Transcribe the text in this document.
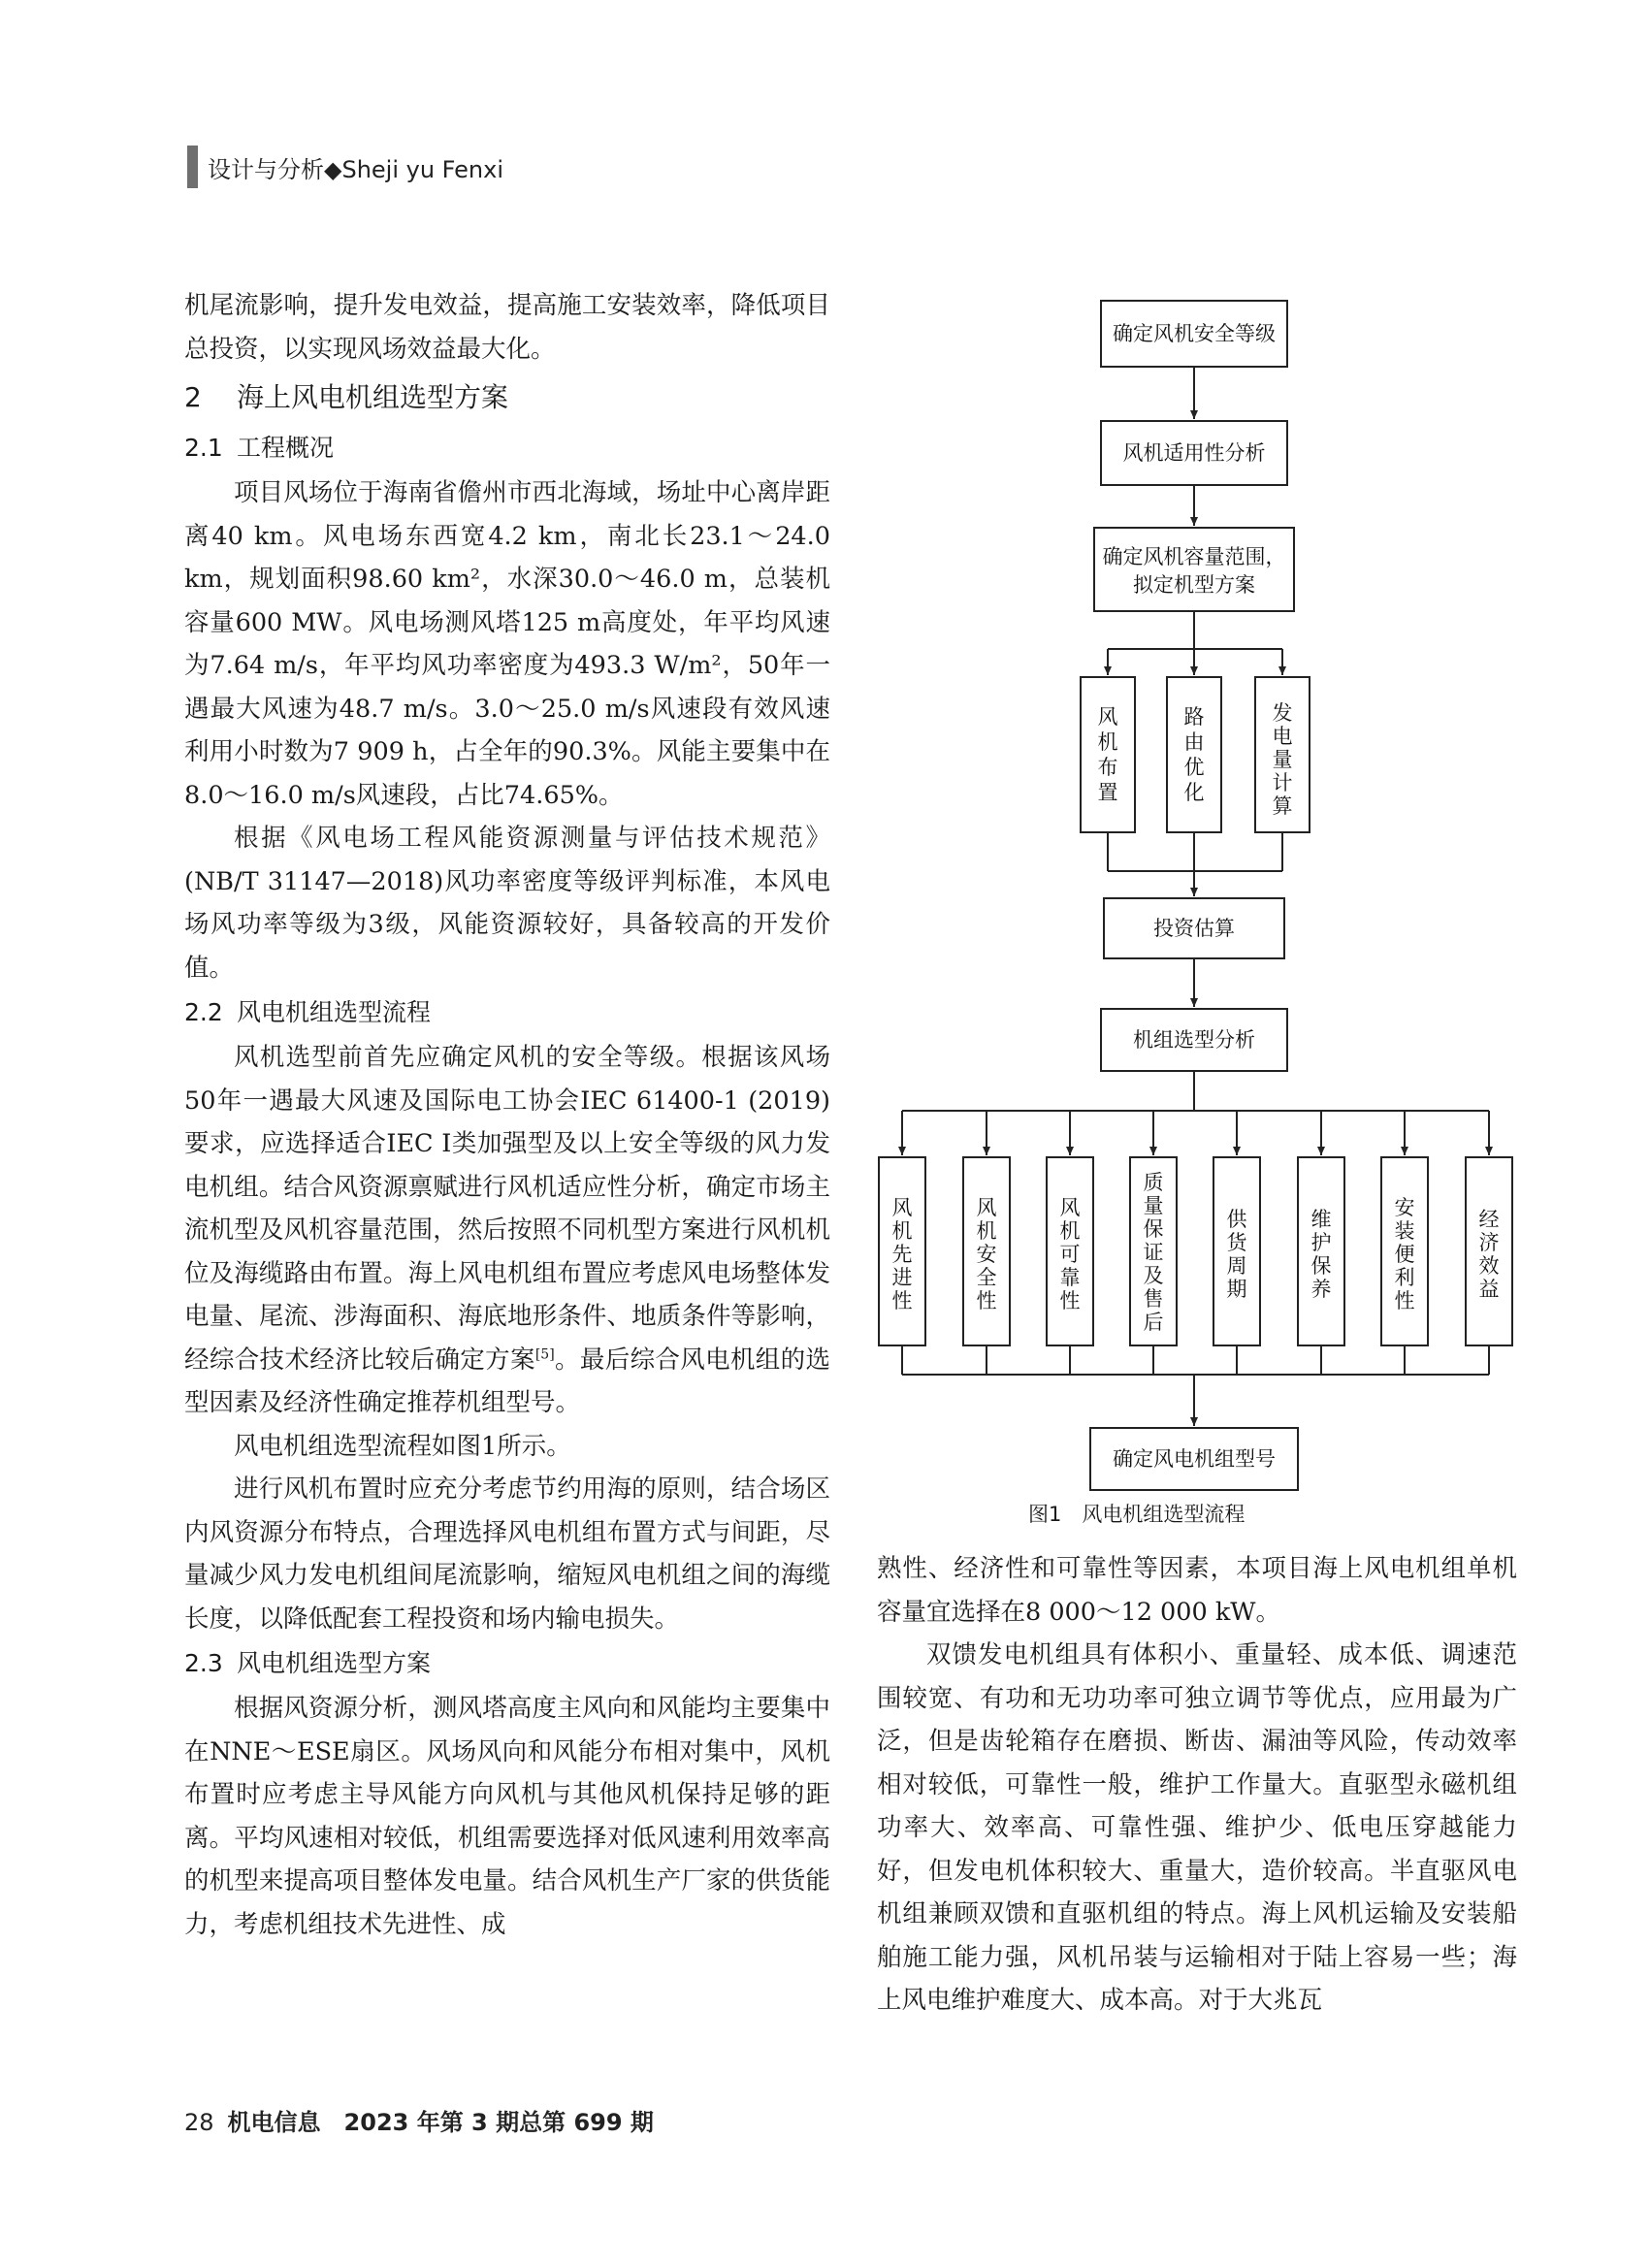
设计与分析◆Sheji yu Fenxi

机尾流影响，提升发电效益，提高施工安装效率，降低项目总投资，以实现风场效益最大化。

2 海上风电机组选型方案
2.1 工程概况

项目风场位于海南省儋州市西北海域，场址中心离岸距离40 km。风电场东西宽4.2 km，南北长23.1～24.0 km，规划面积98.60 km²，水深30.0～46.0 m，总装机容量600 MW。风电场测风塔125 m高度处，年平均风速为7.64 m/s，年平均风功率密度为493.3 W/m²，50年一遇最大风速为48.7 m/s。3.0～25.0 m/s风速段有效风速利用小时数为7 909 h，占全年的90.3%。风能主要集中在8.0～16.0 m/s风速段，占比74.65%。

根据《风电场工程风能资源测量与评估技术规范》(NB/T 31147—2018)风功率密度等级评判标准，本风电场风功率等级为3级，风能资源较好，具备较高的开发价值。

2.2 风电机组选型流程

风机选型前首先应确定风机的安全等级。根据该风场50年一遇最大风速及国际电工协会IEC 61400-1 (2019)要求，应选择适合IEC Ⅰ类加强型及以上安全等级的风力发电机组。结合风资源禀赋进行风机适应性分析，确定市场主流机型及风机容量范围，然后按照不同机型方案进行风机机位及海缆路由布置。海上风电机组布置应考虑风电场整体发电量、尾流、涉海面积、海底地形条件、地质条件等影响，经综合技术经济比较后确定方案[5]。最后综合风电机组的选型因素及经济性确定推荐机组型号。

风电机组选型流程如图1所示。

进行风机布置时应充分考虑节约用海的原则，结合场区内风资源分布特点，合理选择风电机组布置方式与间距，尽量减少风力发电机组间尾流影响，缩短风电机组之间的海缆长度，以降低配套工程投资和场内输电损失。

2.3 风电机组选型方案

根据风资源分析，测风塔高度主风向和风能均主要集中在NNE～ESE扇区。风场风向和风能分布相对集中，风机布置时应考虑主导风能方向风机与其他风机保持足够的距离。平均风速相对较低，机组需要选择对低风速利用效率高的机型来提高项目整体发电量。结合风机生产厂家的供货能力，考虑机组技术先进性、成

确定风机安全等级
风机适用性分析
确定风机容量范围，
拟定机型方案
风
机
布
置
路
由
优
化
发
电
量
计
算
投资估算
机组选型分析
风
机
先
进
性
风
机
安
全
性
风
机
可
靠
性
质
量
保
证
及
售
后
供
货
周
期
维
护
保
养
安
装
便
利
性
经
济
效
益
确定风电机组型号
图1　风电机组选型流程

熟性、经济性和可靠性等因素，本项目海上风电机组单机容量宜选择在8 000～12 000 kW。

双馈发电机组具有体积小、重量轻、成本低、调速范围较宽、有功和无功功率可独立调节等优点，应用最为广泛，但是齿轮箱存在磨损、断齿、漏油等风险，传动效率相对较低，可靠性一般，维护工作量大。直驱型永磁机组功率大、效率高、可靠性强、维护少、低电压穿越能力好，但发电机体积较大、重量大，造价较高。半直驱风电机组兼顾双馈和直驱机组的特点。海上风机运输及安装船舶施工能力强，风机吊装与运输相对于陆上容易一些；海上风电维护难度大、成本高。对于大兆瓦

28 机电信息　2023 年第 3 期总第 699 期
